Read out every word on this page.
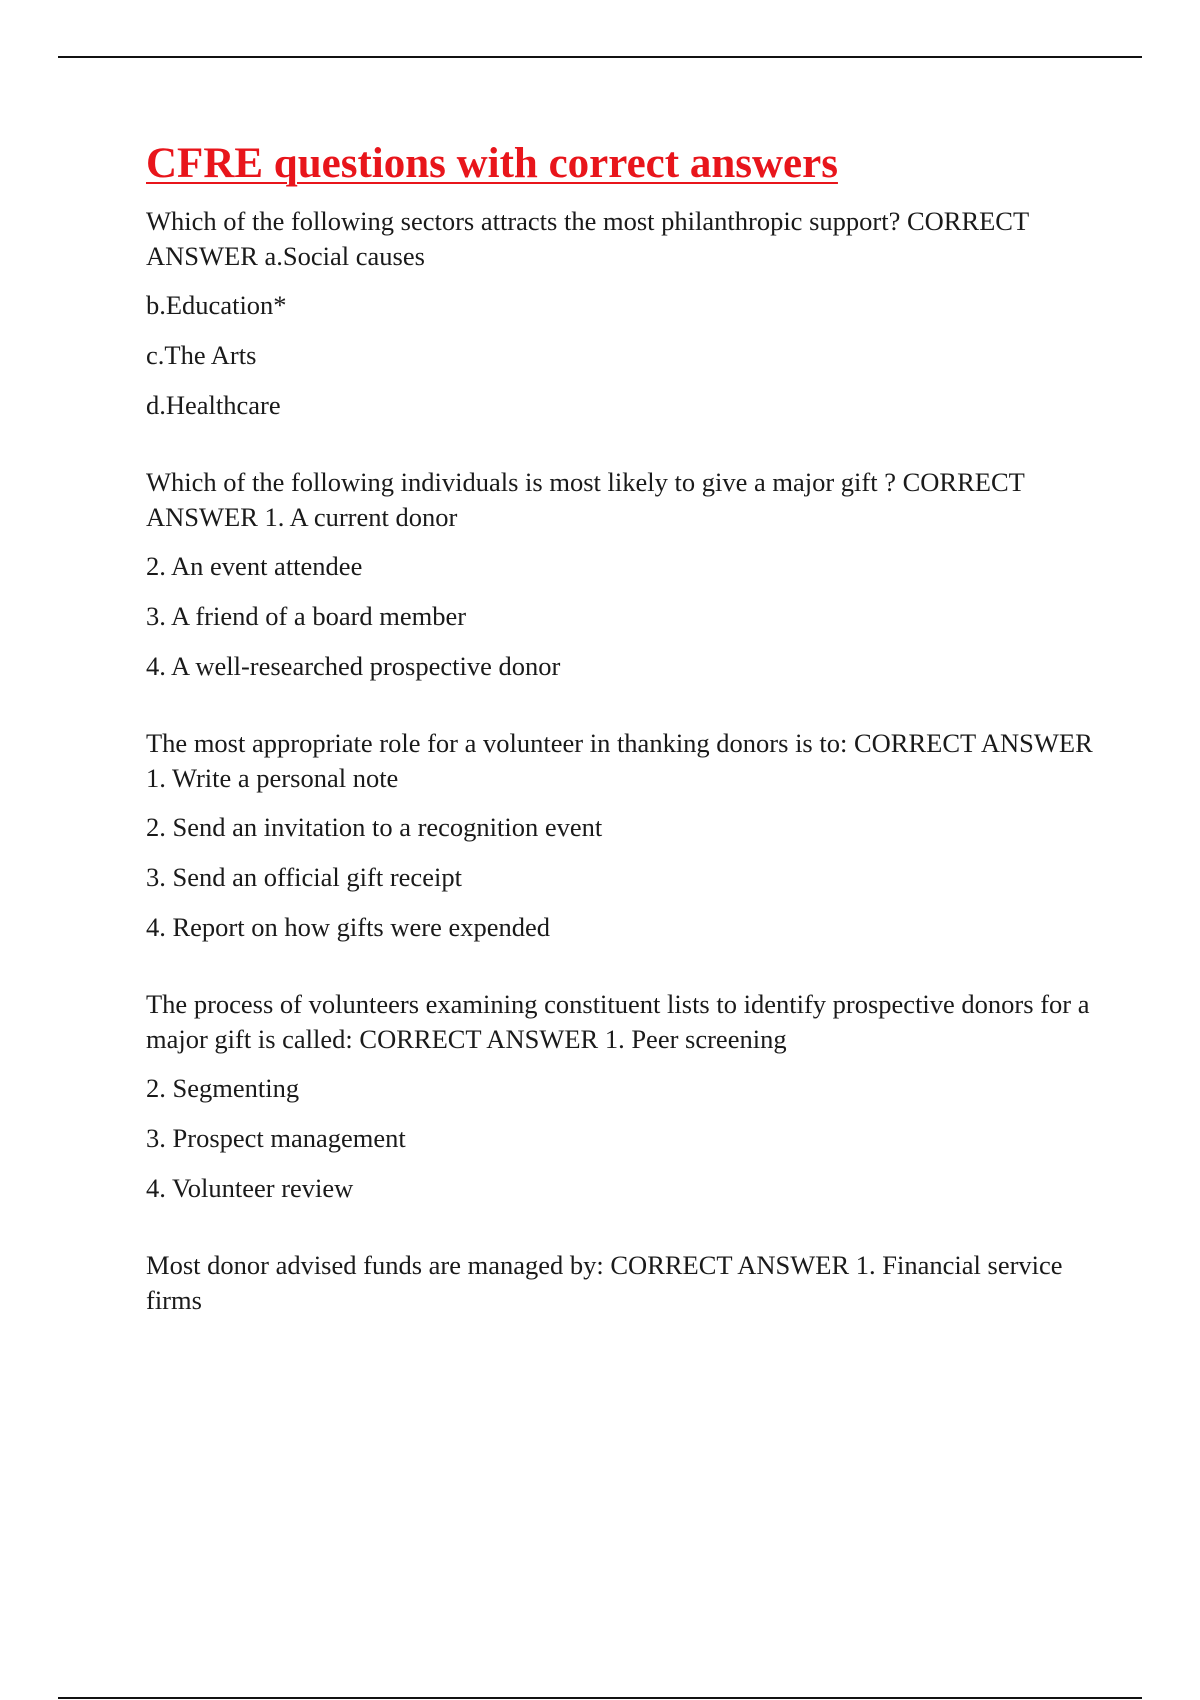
CFRE questions with correct answers

Which of the following sectors attracts the most philanthropic support? CORRECT ANSWER a.Social causes

b.Education*

c.The Arts

d.Healthcare

Which of the following individuals is most likely to give a major gift ? CORRECT ANSWER 1. A current donor

2. An event attendee

3. A friend of a board member

4. A well-researched prospective donor

The most appropriate role for a volunteer in thanking donors is to: CORRECT ANSWER 1. Write a personal note

2. Send an invitation to a recognition event

3. Send an official gift receipt

4. Report on how gifts were expended

The process of volunteers examining constituent lists to identify prospective donors for a major gift is called: CORRECT ANSWER 1. Peer screening

2. Segmenting

3. Prospect management

4. Volunteer review

Most donor advised funds are managed by: CORRECT ANSWER 1. Financial service firms
